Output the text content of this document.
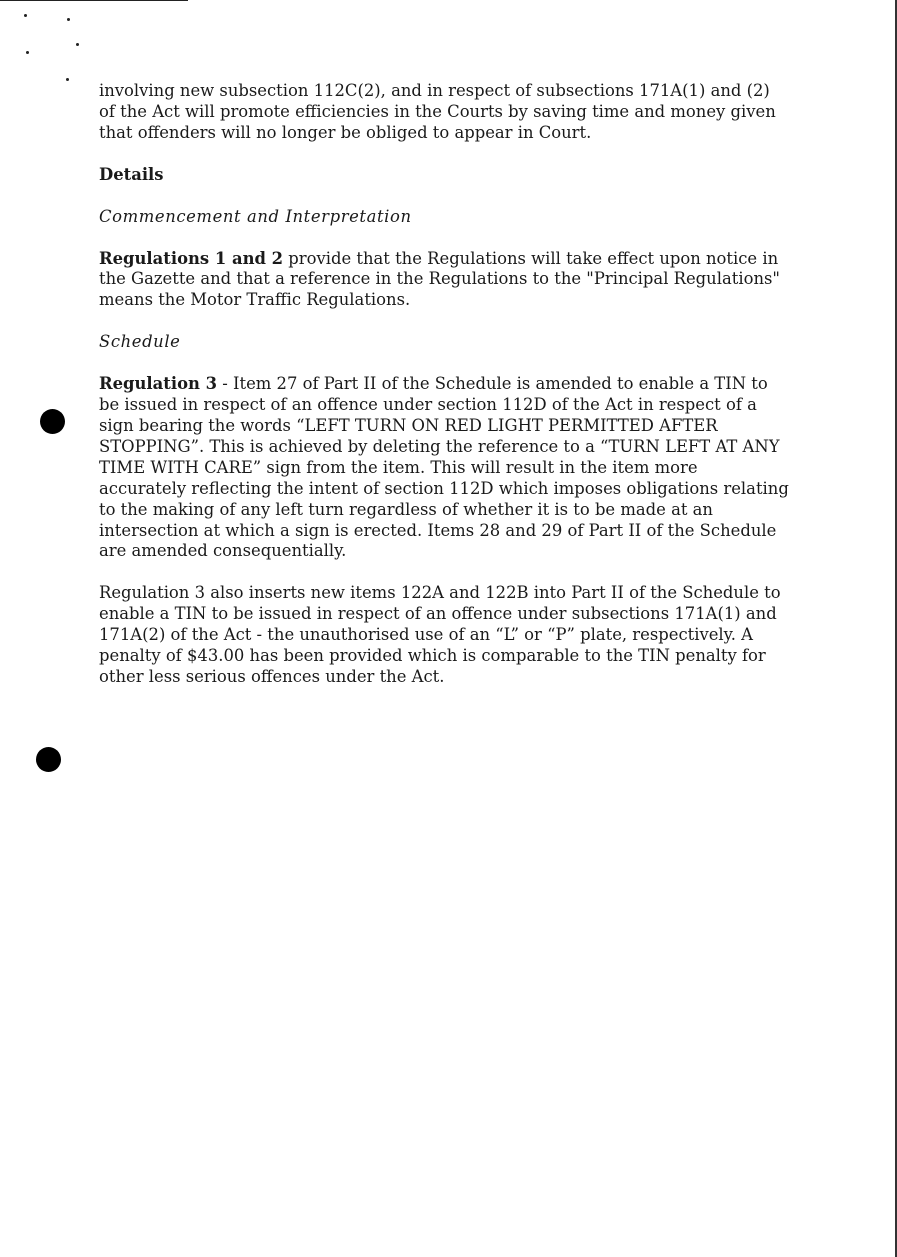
involving new subsection 112C(2), and in respect of subsections 171A(1) and (2) of the Act will promote efficiencies in the Courts by saving time and money given that offenders will no longer be obliged to appear in Court.

Details

Commencement and Interpretation

Regulations 1 and 2 provide that the Regulations will take effect upon notice in the Gazette and that a reference in the Regulations to the "Principal Regulations" means the Motor Traffic Regulations.

Schedule

Regulation 3 - Item 27 of Part II of the Schedule is amended to enable a TIN to be issued in respect of an offence under section 112D of the Act in respect of a sign bearing the words “LEFT TURN ON RED LIGHT PERMITTED AFTER STOPPING”. This is achieved by deleting the reference to a “TURN LEFT AT ANY TIME WITH CARE” sign from the item. This will result in the item more accurately reflecting the intent of section 112D which imposes obligations relating to the making of any left turn regardless of whether it is to be made at an intersection at which a sign is erected. Items 28 and 29 of Part II of the Schedule are amended consequentially.

Regulation 3 also inserts new items 122A and 122B into Part II of the Schedule to enable a TIN to be issued in respect of an offence under subsections 171A(1) and 171A(2) of the Act - the unauthorised use of an “L” or “P” plate, respectively. A penalty of $43.00 has been provided which is comparable to the TIN penalty for other less serious offences under the Act.
